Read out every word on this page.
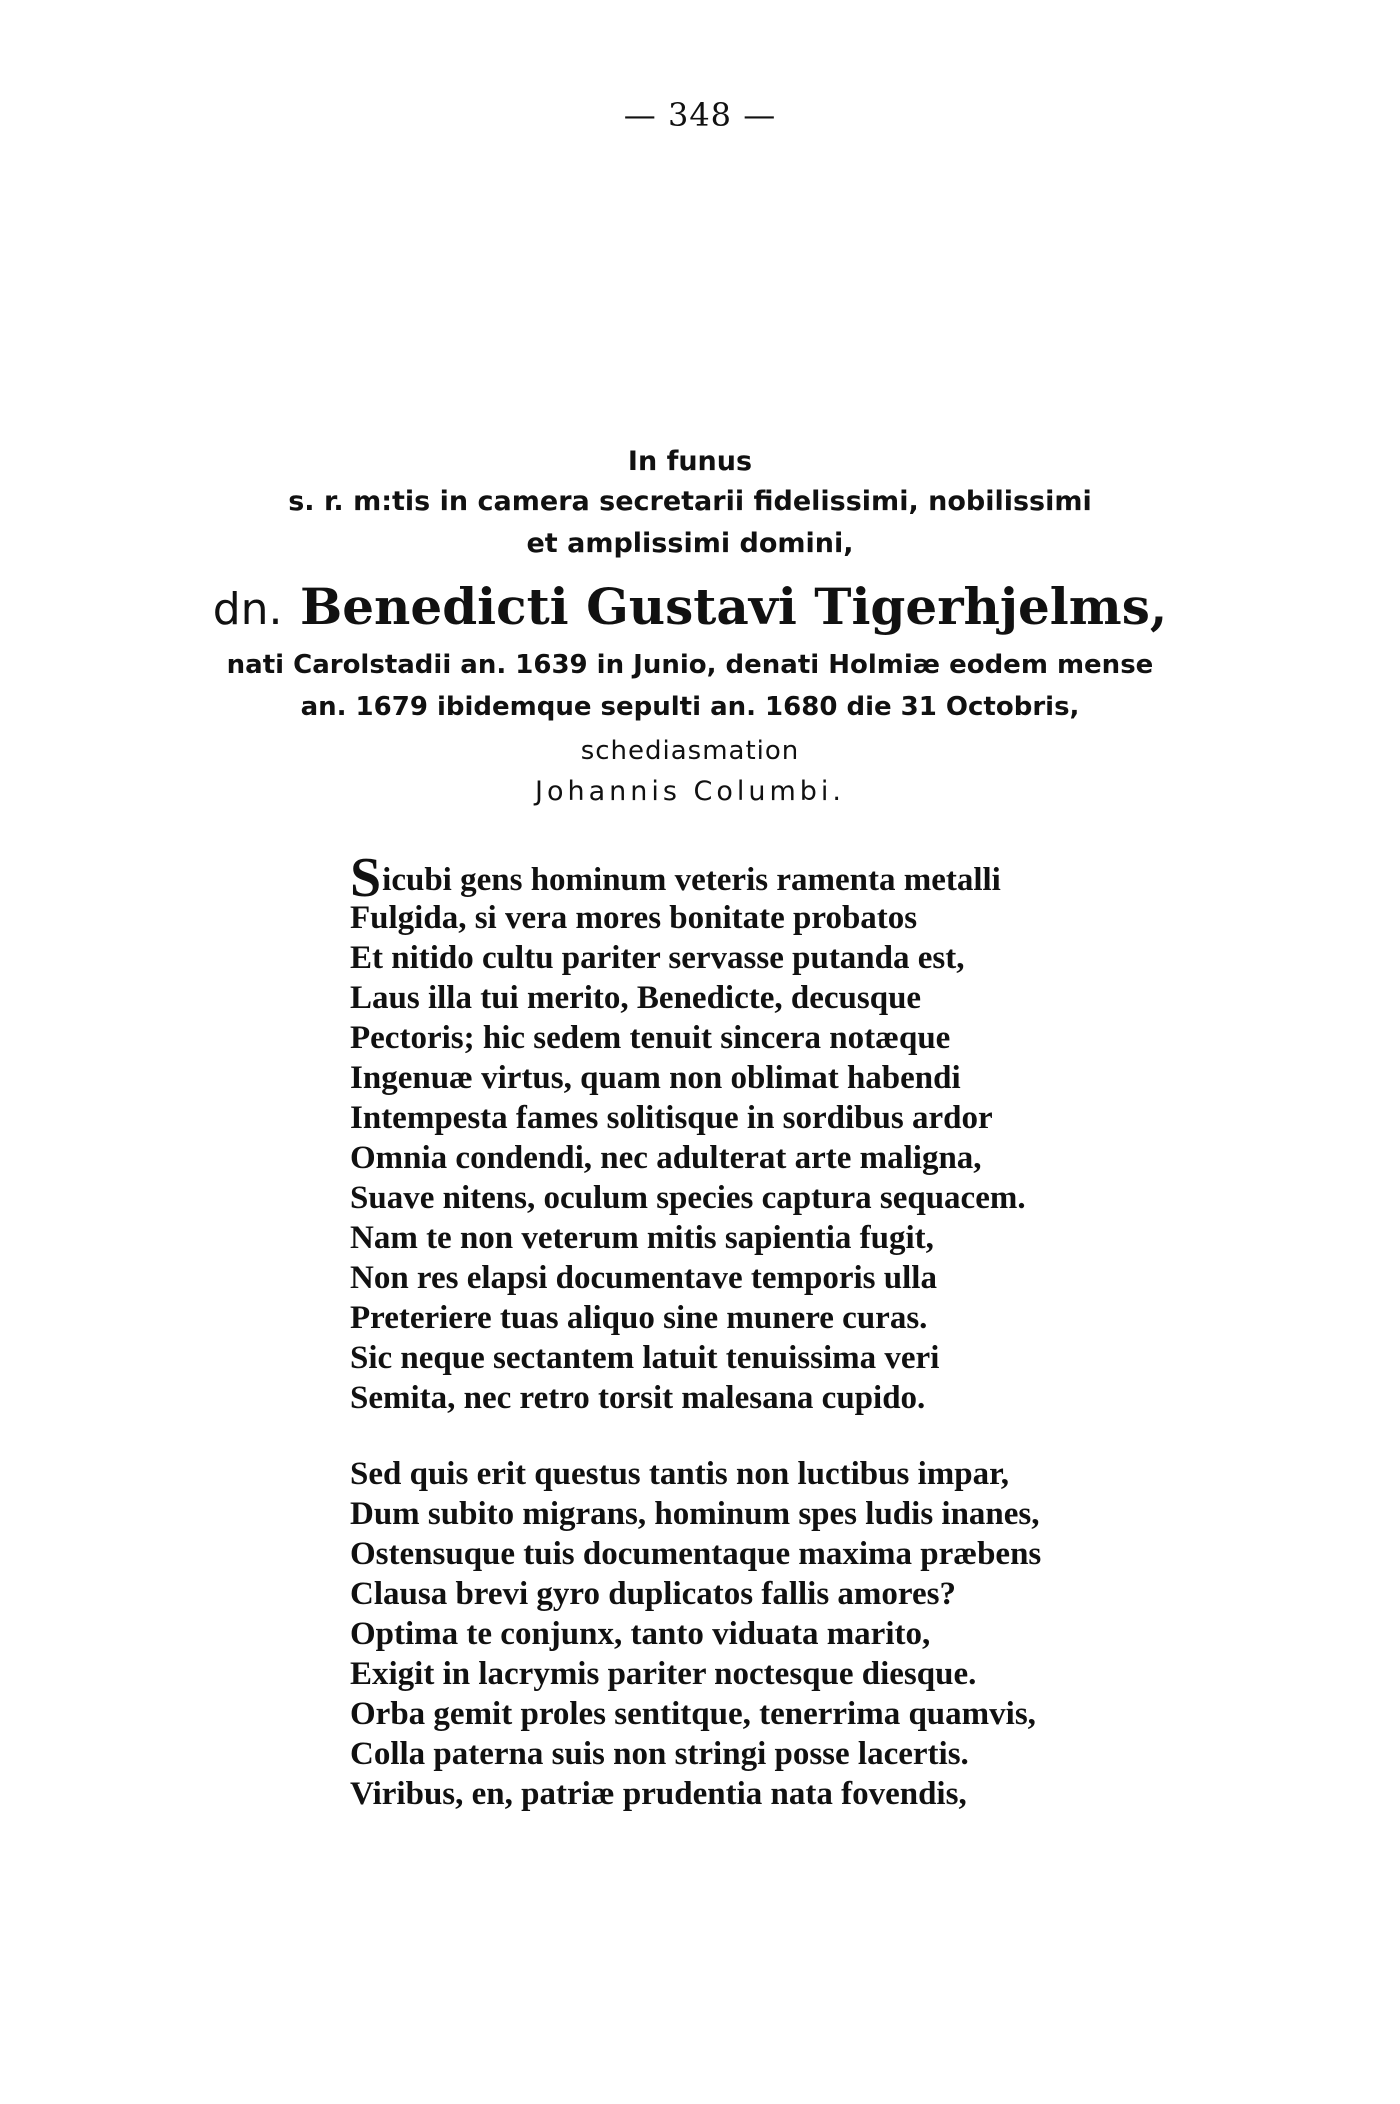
— 348 —
In funus
s. r. m:tis in camera secretarii fidelissimi, nobilissimi
et amplissimi domini,
dn. Benedicti Gustavi Tigerhjelms,
nati Carolstadii an. 1639 in Junio, denati Holmiæ eodem mense
an. 1679 ibidemque sepulti an. 1680 die 31 Octobris,
schediasmation
Johannis Columbi.
Sicubi gens hominum veteris ramenta metalli
Fulgida, si vera mores bonitate probatos
Et nitido cultu pariter servasse putanda est,
Laus illa tui merito, Benedicte, decusque
Pectoris; hic sedem tenuit sincera notæque
Ingenuæ virtus, quam non oblimat habendi
Intempesta fames solitisque in sordibus ardor
Omnia condendi, nec adulterat arte maligna,
Suave nitens, oculum species captura sequacem.
Nam te non veterum mitis sapientia fugit,
Non res elapsi documentave temporis ulla
Preteriere tuas aliquo sine munere curas.
Sic neque sectantem latuit tenuissima veri
Semita, nec retro torsit malesana cupido.
Sed quis erit questus tantis non luctibus impar,
Dum subito migrans, hominum spes ludis inanes,
Ostensuque tuis documentaque maxima præbens
Clausa brevi gyro duplicatos fallis amores?
Optima te conjunx, tanto viduata marito,
Exigit in lacrymis pariter noctesque diesque.
Orba gemit proles sentitque, tenerrima quamvis,
Colla paterna suis non stringi posse lacertis.
Viribus, en, patriæ prudentia nata fovendis,
